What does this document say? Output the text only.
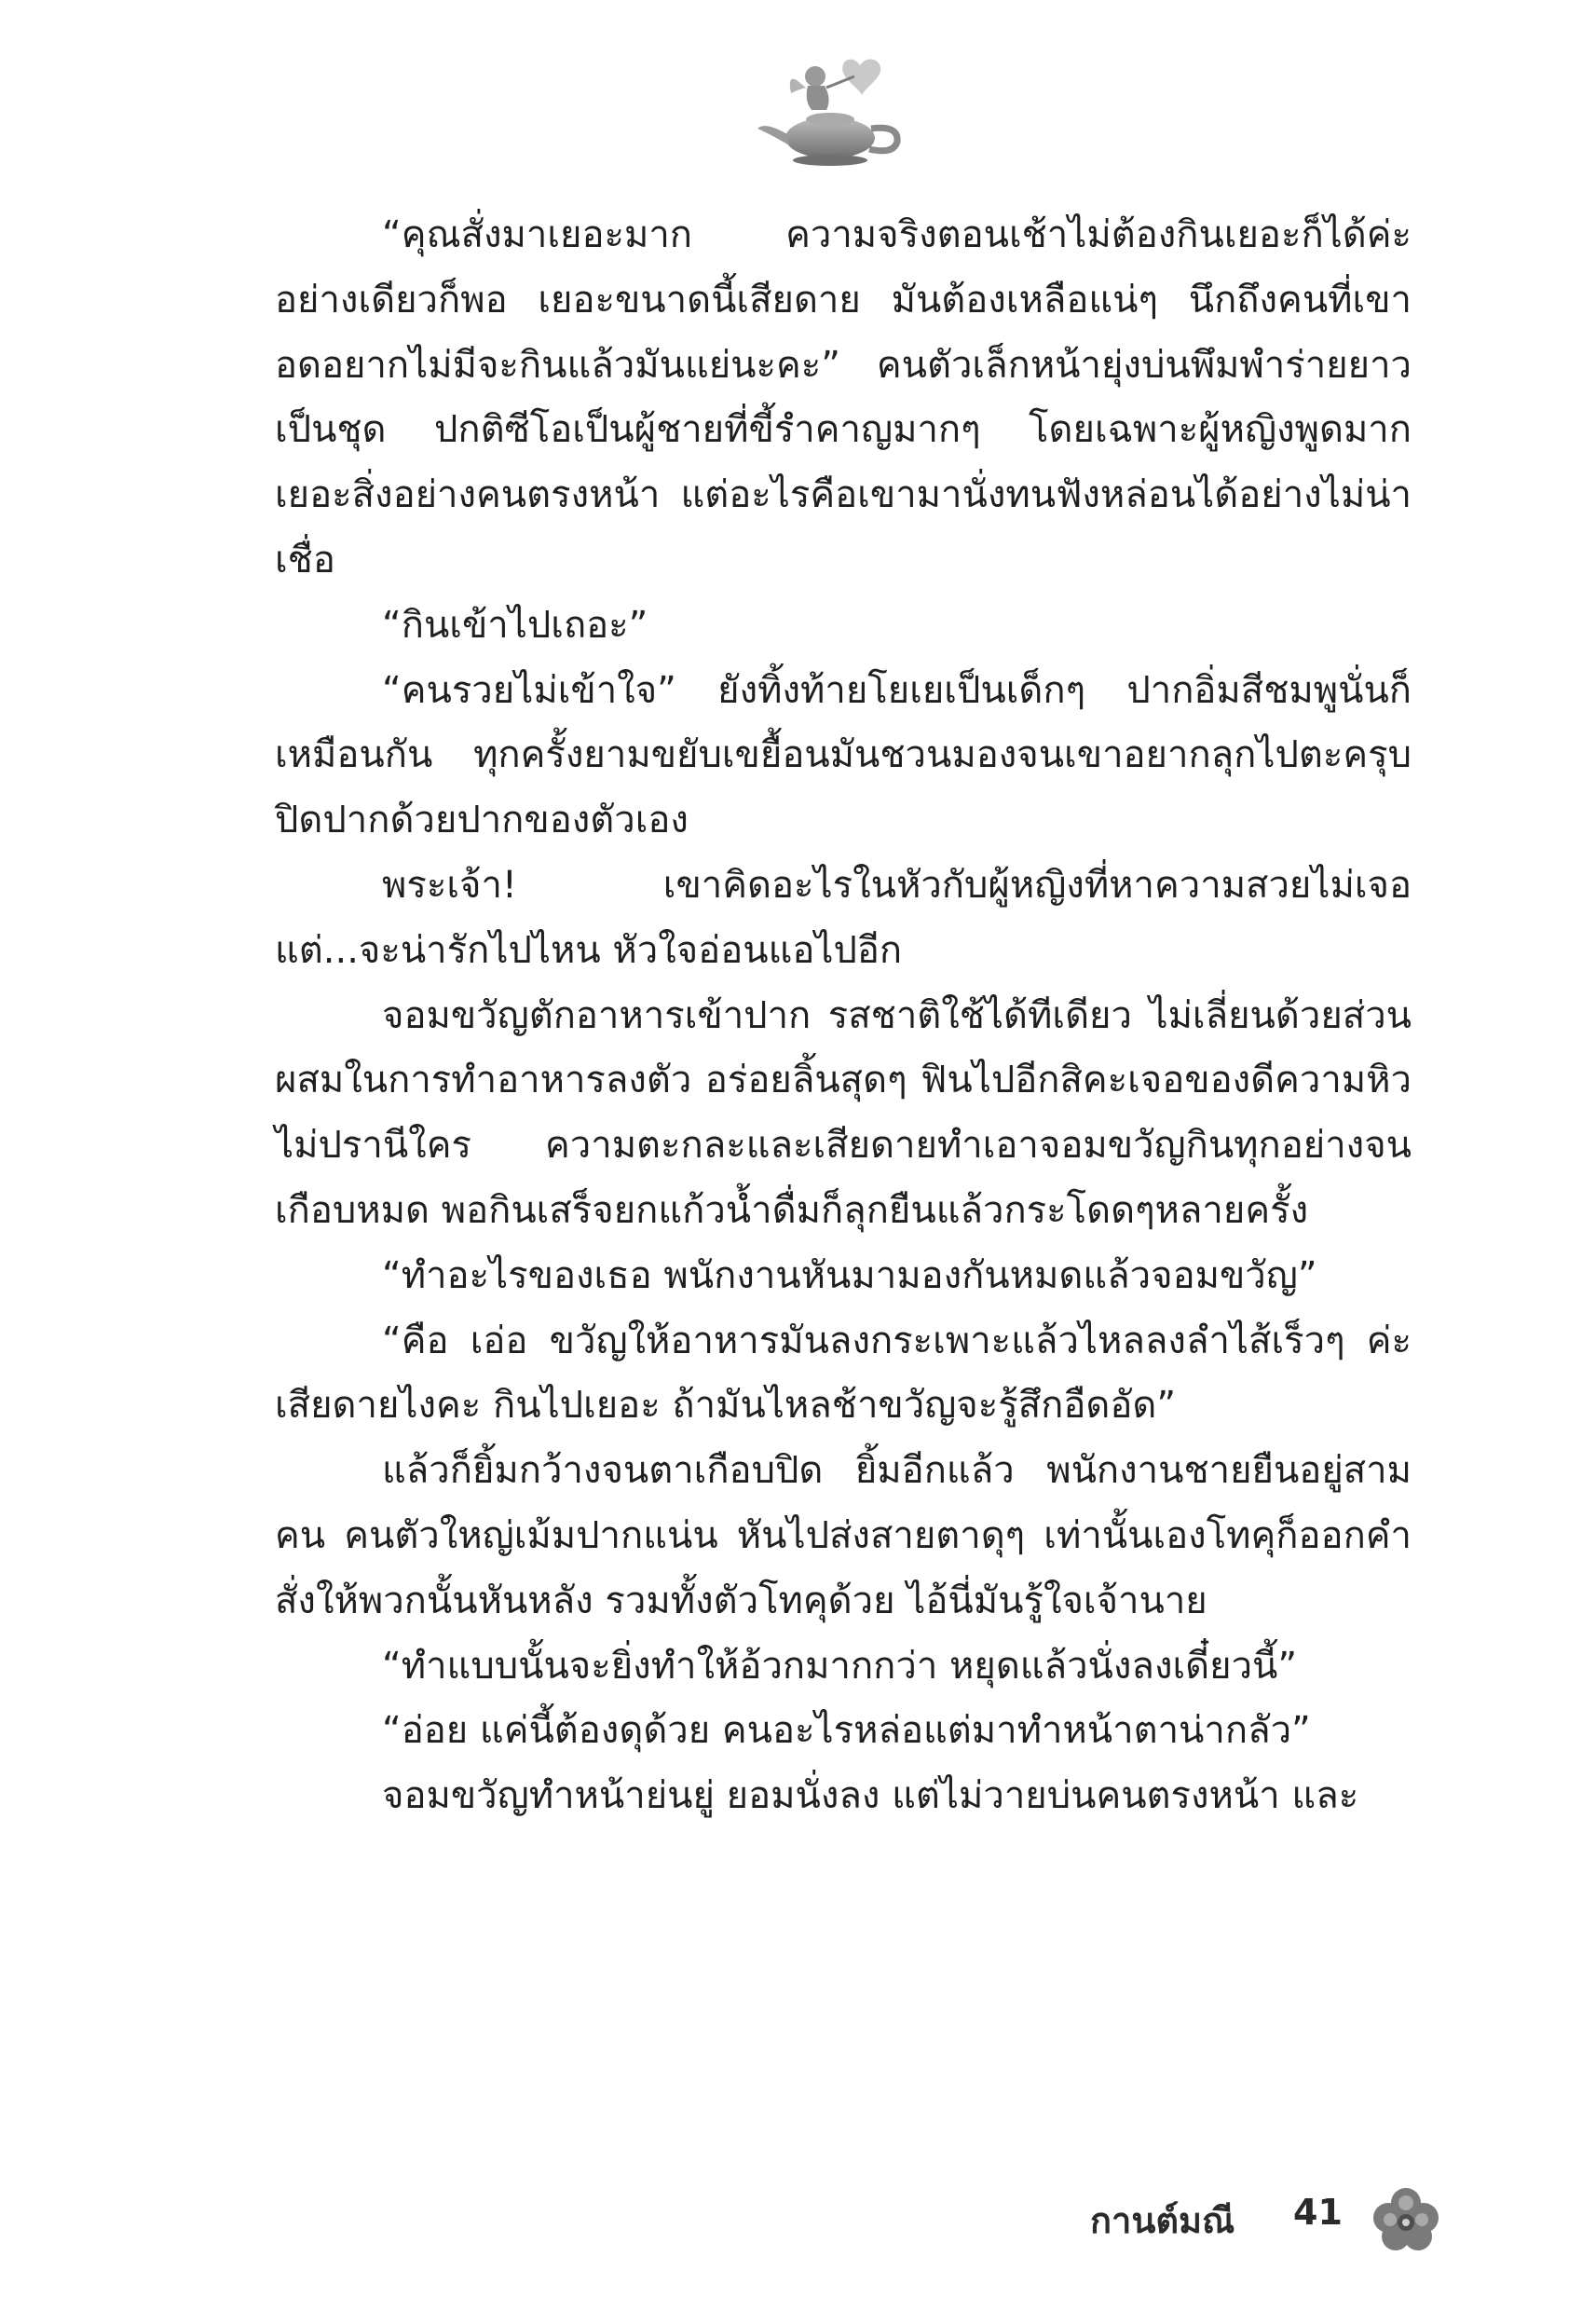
“คุณสั่งมาเยอะมาก ความจริงตอนเช้าไม่ต้องกินเยอะก็ได้ค่ะ อย่างเดียวก็พอ เยอะขนาดนี้เสียดาย มันต้องเหลือแน่ๆ นึกถึงคนที่เขาอดอยากไม่มีจะกินแล้วมันแย่นะคะ” คนตัวเล็กหน้ายุ่งบ่นพึมพำร่ายยาวเป็นชุด ปกติซีโอเป็นผู้ชายที่ขี้รำคาญมากๆ โดยเฉพาะผู้หญิงพูดมากเยอะสิ่งอย่างคนตรงหน้า แต่อะไรคือเขามานั่งทนฟังหล่อนได้อย่างไม่น่าเชื่อ

“กินเข้าไปเถอะ”

“คนรวยไม่เข้าใจ” ยังทิ้งท้ายโยเยเป็นเด็กๆ ปากอิ่มสีชมพูนั่นก็เหมือนกัน ทุกครั้งยามขยับเขยื้อนมันชวนมองจนเขาอยากลุกไปตะครุบปิดปากด้วยปากของตัวเอง

พระเจ้า! เขาคิดอะไรในหัวกับผู้หญิงที่หาความสวยไม่เจอ แต่...จะน่ารักไปไหน หัวใจอ่อนแอไปอีก

จอมขวัญตักอาหารเข้าปาก รสชาติใช้ได้ทีเดียว ไม่เลี่ยนด้วยส่วนผสมในการทำอาหารลงตัว อร่อยลิ้นสุดๆ ฟินไปอีกสิคะเจอของดีความหิวไม่ปรานีใคร ความตะกละและเสียดายทำเอาจอมขวัญกินทุกอย่างจนเกือบหมด พอกินเสร็จยกแก้วน้ำดื่มก็ลุกยืนแล้วกระโดดๆหลายครั้ง

“ทำอะไรของเธอ พนักงานหันมามองกันหมดแล้วจอมขวัญ”

“คือ เอ่อ ขวัญให้อาหารมันลงกระเพาะแล้วไหลลงลำไส้เร็วๆ ค่ะเสียดายไงคะ กินไปเยอะ ถ้ามันไหลช้าขวัญจะรู้สึกอืดอัด”

แล้วก็ยิ้มกว้างจนตาเกือบปิด ยิ้มอีกแล้ว พนักงานชายยืนอยู่สามคน คนตัวใหญ่เม้มปากแน่น หันไปส่งสายตาดุๆ เท่านั้นเองโทคุก็ออกคำสั่งให้พวกนั้นหันหลัง รวมทั้งตัวโทคุด้วย ไอ้นี่มันรู้ใจเจ้านาย

“ทำแบบนั้นจะยิ่งทำให้อ้วกมากกว่า หยุดแล้วนั่งลงเดี๋ยวนี้”

“อ่อย แค่นี้ต้องดุด้วย คนอะไรหล่อแต่มาทำหน้าตาน่ากลัว”

จอมขวัญทำหน้าย่นยู่ ยอมนั่งลง แต่ไม่วายบ่นคนตรงหน้า และ

กานต์มณี 41
